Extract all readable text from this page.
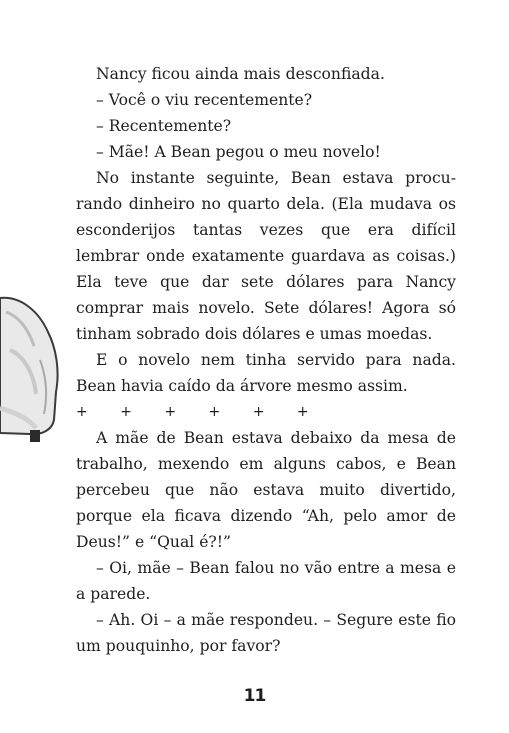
Nancy ficou ainda mais desconfiada.

– Você o viu recentemente?

– Recentemente?

– Mãe! A Bean pegou o meu novelo!

No instante seguinte, Bean estava procu-rando dinheiro no quarto dela. (Ela mudava os esconderijos tantas vezes que era difícil lembrar onde exatamente guardava as coisas.) Ela teve que dar sete dólares para Nancy comprar mais novelo. Sete dólares! Agora só tinham sobrado dois dólares e umas moedas.

E o novelo nem tinha servido para nada. Bean havia caído da árvore mesmo assim.

+ + + + + +

A mãe de Bean estava debaixo da mesa de trabalho, mexendo em alguns cabos, e Bean percebeu que não estava muito divertido, porque ela ficava dizendo “Ah, pelo amor de Deus!” e “Qual é?!”

– Oi, mãe – Bean falou no vão entre a mesa e a parede.

– Ah. Oi – a mãe respondeu. – Segure este fio um pouquinho, por favor?

11
